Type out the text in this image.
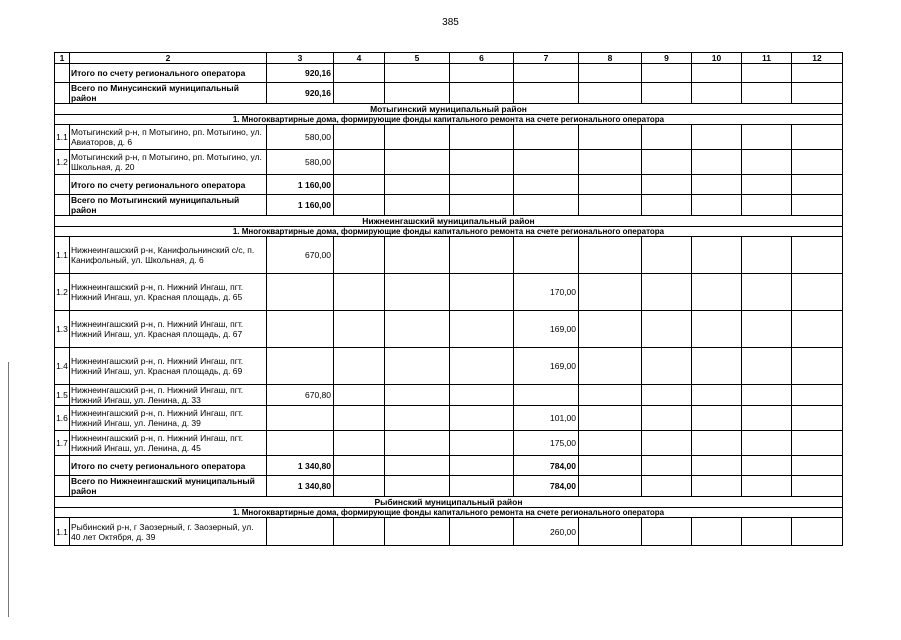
385
1	2	3	4	5	6	7	8	9	10	11	12
	Итого по счету регионального оператора	920,16									
	Всего по Минусинский муниципальный район	920,16									
Мотыгинский муниципальный район											
1. Многоквартирные дома, формирующие фонды капитального ремонта на счете регионального оператора											
1.1	Мотыгинский р-н, п Мотыгино, рп. Мотыгино, ул. Авиаторов, д. 6	580,00									
1.2	Мотыгинский р-н, п Мотыгино, рп. Мотыгино, ул. Школьная, д. 20	580,00									
	Итого по счету регионального оператора	1 160,00									
	Всего по Мотыгинский муниципальный район	1 160,00									
Нижнеингашский муниципальный район											
1. Многоквартирные дома, формирующие фонды капитального ремонта на счете регионального оператора											
1.1	Нижнеингашский р-н, Канифольнинский с/с, п. Канифольный, ул. Школьная, д. 6	670,00									
1.2	Нижнеингашский р-н, п. Нижний Ингаш, пгт. Нижний Ингаш, ул. Красная площадь, д. 65					170,00					
1.3	Нижнеингашский р-н, п. Нижний Ингаш, пгт. Нижний Ингаш, ул. Красная площадь, д. 67					169,00					
1.4	Нижнеингашский р-н, п. Нижний Ингаш, пгт. Нижний Ингаш, ул. Красная площадь, д. 69					169,00					
1.5	Нижнеингашский р-н, п. Нижний Ингаш, пгт. Нижний Ингаш, ул. Ленина, д. 33	670,80									
1.6	Нижнеингашский р-н, п. Нижний Ингаш, пгт. Нижний Ингаш, ул. Ленина, д. 39					101,00					
1.7	Нижнеингашский р-н, п. Нижний Ингаш, пгт. Нижний Ингаш, ул. Ленина, д. 45					175,00					
	Итого по счету регионального оператора	1 340,80				784,00					
	Всего по Нижнеингашский муниципальный район	1 340,80				784,00					
Рыбинский муниципальный район											
1. Многоквартирные дома, формирующие фонды капитального ремонта на счете регионального оператора											
1.1	Рыбинский р-н, г Заозерный, г. Заозерный, ул. 40 лет Октября, д. 39					260,00					
